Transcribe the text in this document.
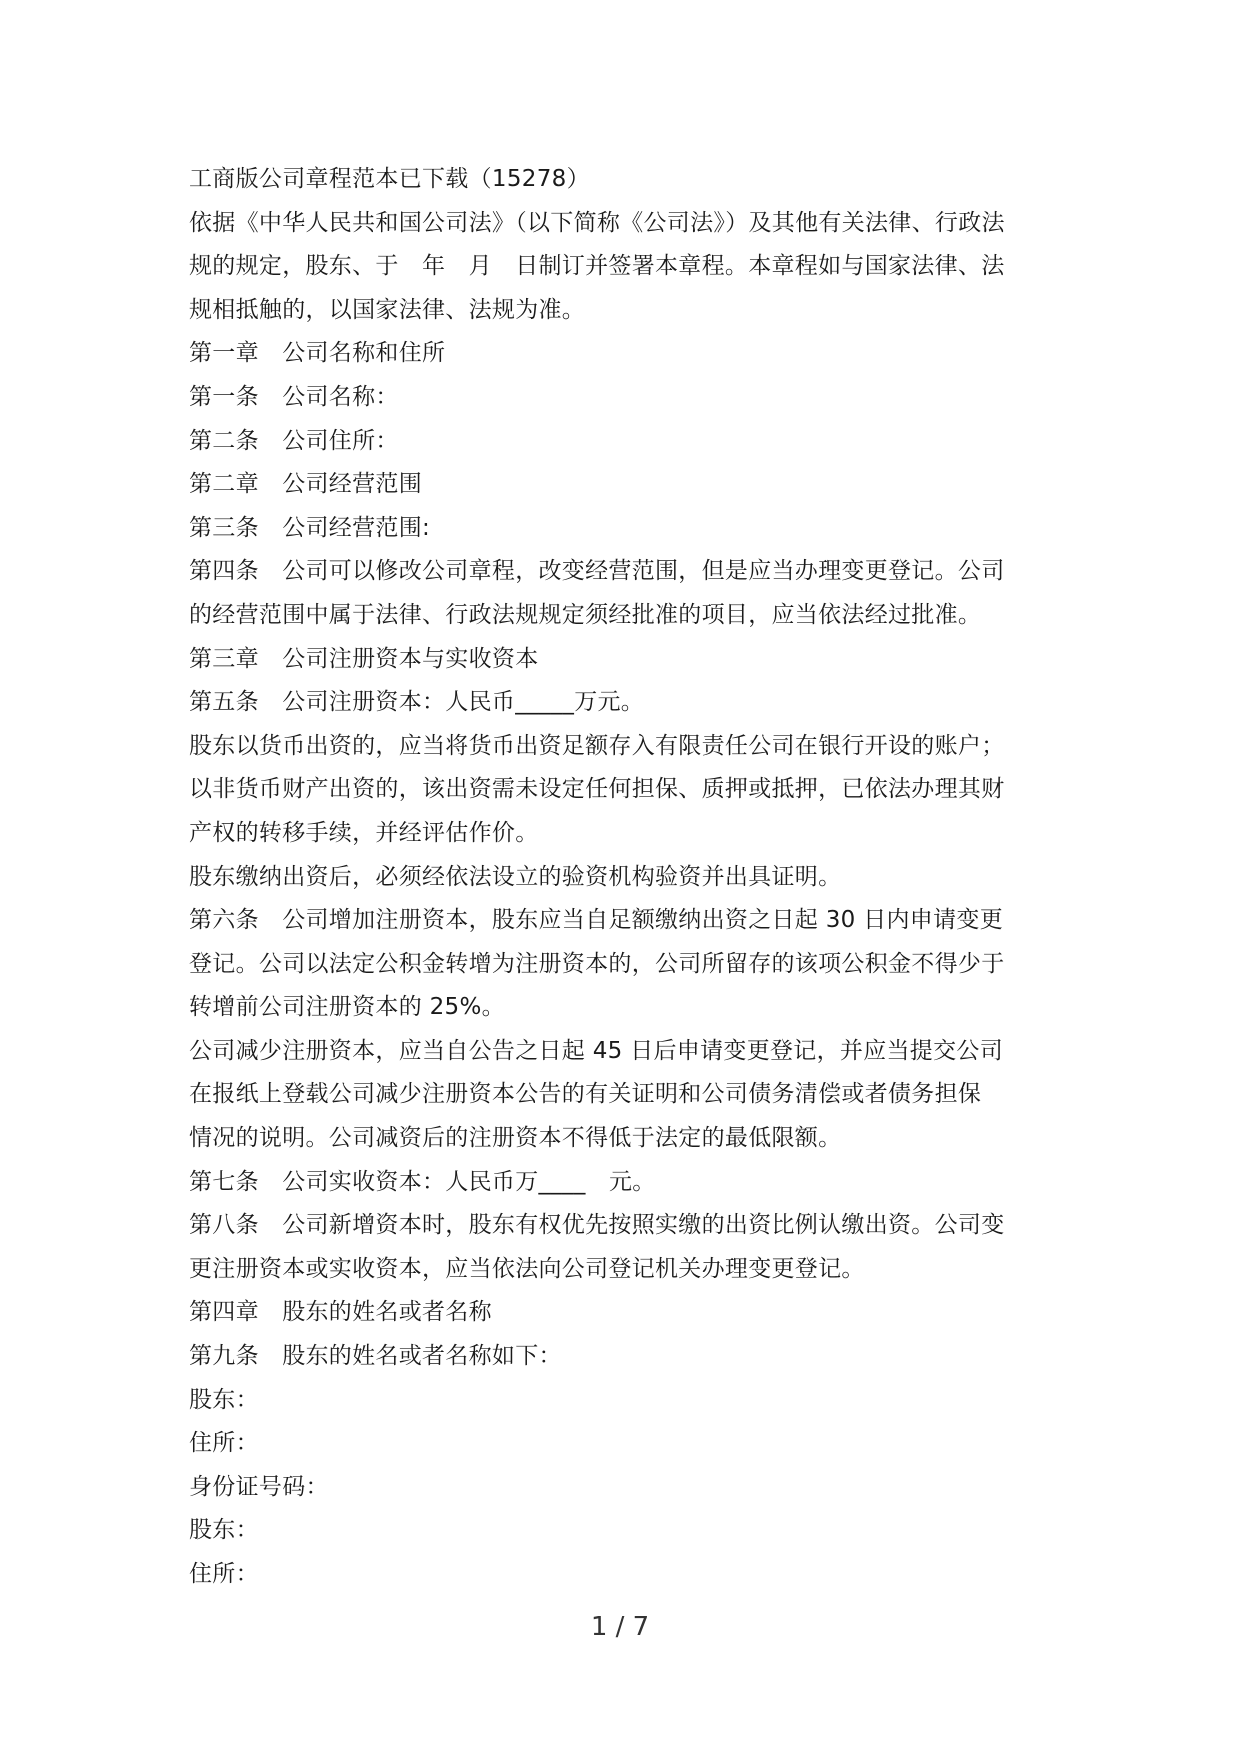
工商版公司章程范本已下载（15278）
依据《中华人民共和国公司法》（以下简称《公司法》）及其他有关法律、行政法
规的规定，股东、于　年　月　日制订并签署本章程。本章程如与国家法律、法
规相抵触的，以国家法律、法规为准。
第一章　公司名称和住所
第一条　公司名称：
第二条　公司住所：
第二章　公司经营范围
第三条　公司经营范围:
第四条　公司可以修改公司章程，改变经营范围，但是应当办理变更登记。公司
的经营范围中属于法律、行政法规规定须经批准的项目，应当依法经过批准。
第三章　公司注册资本与实收资本
第五条　公司注册资本：人民币_____万元。
股东以货币出资的，应当将货币出资足额存入有限责任公司在银行开设的账户；
以非货币财产出资的，该出资需未设定任何担保、质押或抵押，已依法办理其财
产权的转移手续，并经评估作价。
股东缴纳出资后，必须经依法设立的验资机构验资并出具证明。
第六条　公司增加注册资本，股东应当自足额缴纳出资之日起 30 日内申请变更
登记。公司以法定公积金转增为注册资本的，公司所留存的该项公积金不得少于
转增前公司注册资本的 25%。
公司减少注册资本，应当自公告之日起 45 日后申请变更登记，并应当提交公司
在报纸上登载公司减少注册资本公告的有关证明和公司债务清偿或者债务担保
情况的说明。公司减资后的注册资本不得低于法定的最低限额。
第七条　公司实收资本：人民币万____　元。
第八条　公司新增资本时，股东有权优先按照实缴的出资比例认缴出资。公司变
更注册资本或实收资本，应当依法向公司登记机关办理变更登记。
第四章　股东的姓名或者名称
第九条　股东的姓名或者名称如下：
股东：
住所：
身份证号码：
股东：
住所：
1 / 7
